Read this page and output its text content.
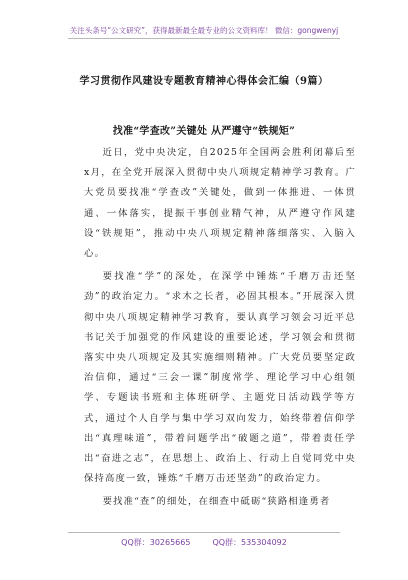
关注头条号“公文研究”，获得最新最全最专业的公文资料库！ 微信：gongwenyj
学习贯彻作风建设专题教育精神心得体会汇编（9篇）
找准“学查改”关键处 从严遵守“铁规矩”

近日，党中央决定，自2025年全国两会胜利闭幕后至x月，在全党开展深入贯彻中央八项规定精神学习教育。广大党员要找准“学查改”关键处，做到一体推进、一体贯通、一体落实，提振干事创业精气神，从严遵守作风建设“铁规矩”，推动中央八项规定精神落细落实、入脑入心。

要找准“学”的深处，在深学中锤炼“千磨万击还坚劲”的政治定力。“求木之长者，必固其根本。”开展深入贯彻中央八项规定精神学习教育，要认真学习领会习近平总书记关于加强党的作风建设的重要论述，学习领会和贯彻落实中央八项规定及其实施细则精神。广大党员要坚定政治信仰，通过“三会一课”制度常学、理论学习中心组领学、专题读书班和主体班研学、主题党日活动践学等方式，通过个人自学与集中学习双向发力，始终带着信仰学出“真理味道”，带着问题学出“破题之道”，带着责任学出“奋进之志”，在思想上、政治上、行动上自觉同党中央保持高度一致，锤炼“千磨万击还坚劲”的政治定力。

要找准“查”的细处，在细查中砥砺“狭路相逢勇者

QQ群：30265665	QQ群：535304092
